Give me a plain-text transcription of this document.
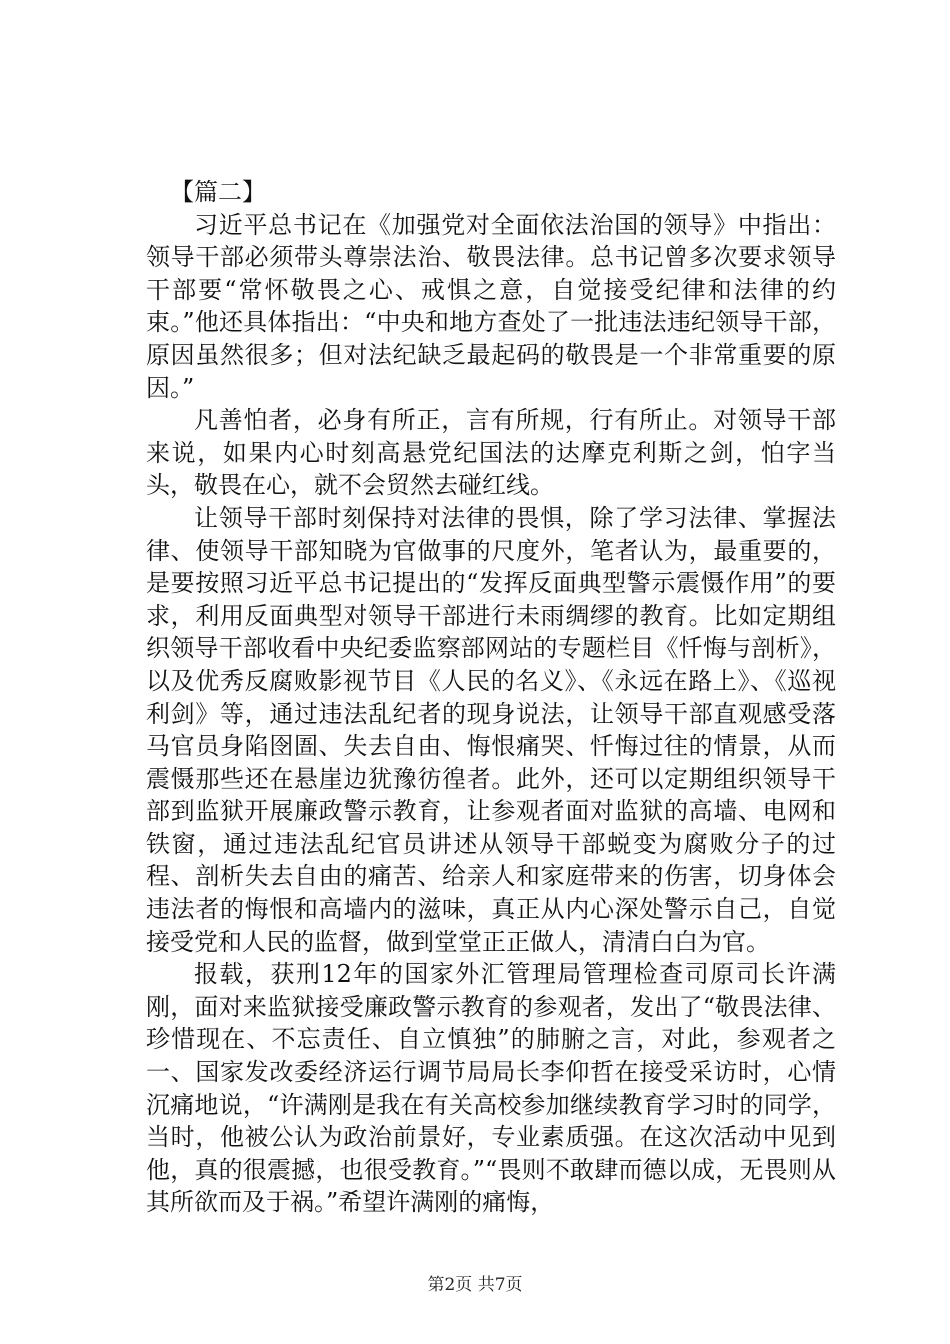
【篇二】

习近平总书记在《加强党对全面依法治国的领导》中指出：领导干部必须带头尊崇法治、敬畏法律。总书记曾多次要求领导干部要“常怀敬畏之心、戒惧之意，自觉接受纪律和法律的约束。”他还具体指出：“中央和地方查处了一批违法违纪领导干部，原因虽然很多；但对法纪缺乏最起码的敬畏是一个非常重要的原因。”

凡善怕者，必身有所正，言有所规，行有所止。对领导干部来说，如果内心时刻高悬党纪国法的达摩克利斯之剑，怕字当头，敬畏在心，就不会贸然去碰红线。

让领导干部时刻保持对法律的畏惧，除了学习法律、掌握法律、使领导干部知晓为官做事的尺度外，笔者认为，最重要的，是要按照习近平总书记提出的“发挥反面典型警示震慑作用”的要求，利用反面典型对领导干部进行未雨绸缪的教育。比如定期组织领导干部收看中央纪委监察部网站的专题栏目《忏悔与剖析》，以及优秀反腐败影视节目《人民的名义》、《永远在路上》、《巡视利剑》等，通过违法乱纪者的现身说法，让领导干部直观感受落马官员身陷囹圄、失去自由、悔恨痛哭、忏悔过往的情景，从而震慑那些还在悬崖边犹豫彷徨者。此外，还可以定期组织领导干部到监狱开展廉政警示教育，让参观者面对监狱的高墙、电网和铁窗，通过违法乱纪官员讲述从领导干部蜕变为腐败分子的过程、剖析失去自由的痛苦、给亲人和家庭带来的伤害，切身体会违法者的悔恨和高墙内的滋味，真正从内心深处警示自己，自觉接受党和人民的监督，做到堂堂正正做人，清清白白为官。

报载，获刑12年的国家外汇管理局管理检查司原司长许满刚，面对来监狱接受廉政警示教育的参观者，发出了“敬畏法律、珍惜现在、不忘责任、自立慎独”的肺腑之言，对此，参观者之一、国家发改委经济运行调节局局长李仰哲在接受采访时，心情沉痛地说，“许满刚是我在有关高校参加继续教育学习时的同学，当时，他被公认为政治前景好，专业素质强。在这次活动中见到他，真的很震撼，也很受教育。”“畏则不敢肆而德以成，无畏则从其所欲而及于祸。”希望许满刚的痛悔，

第2页 共7页
